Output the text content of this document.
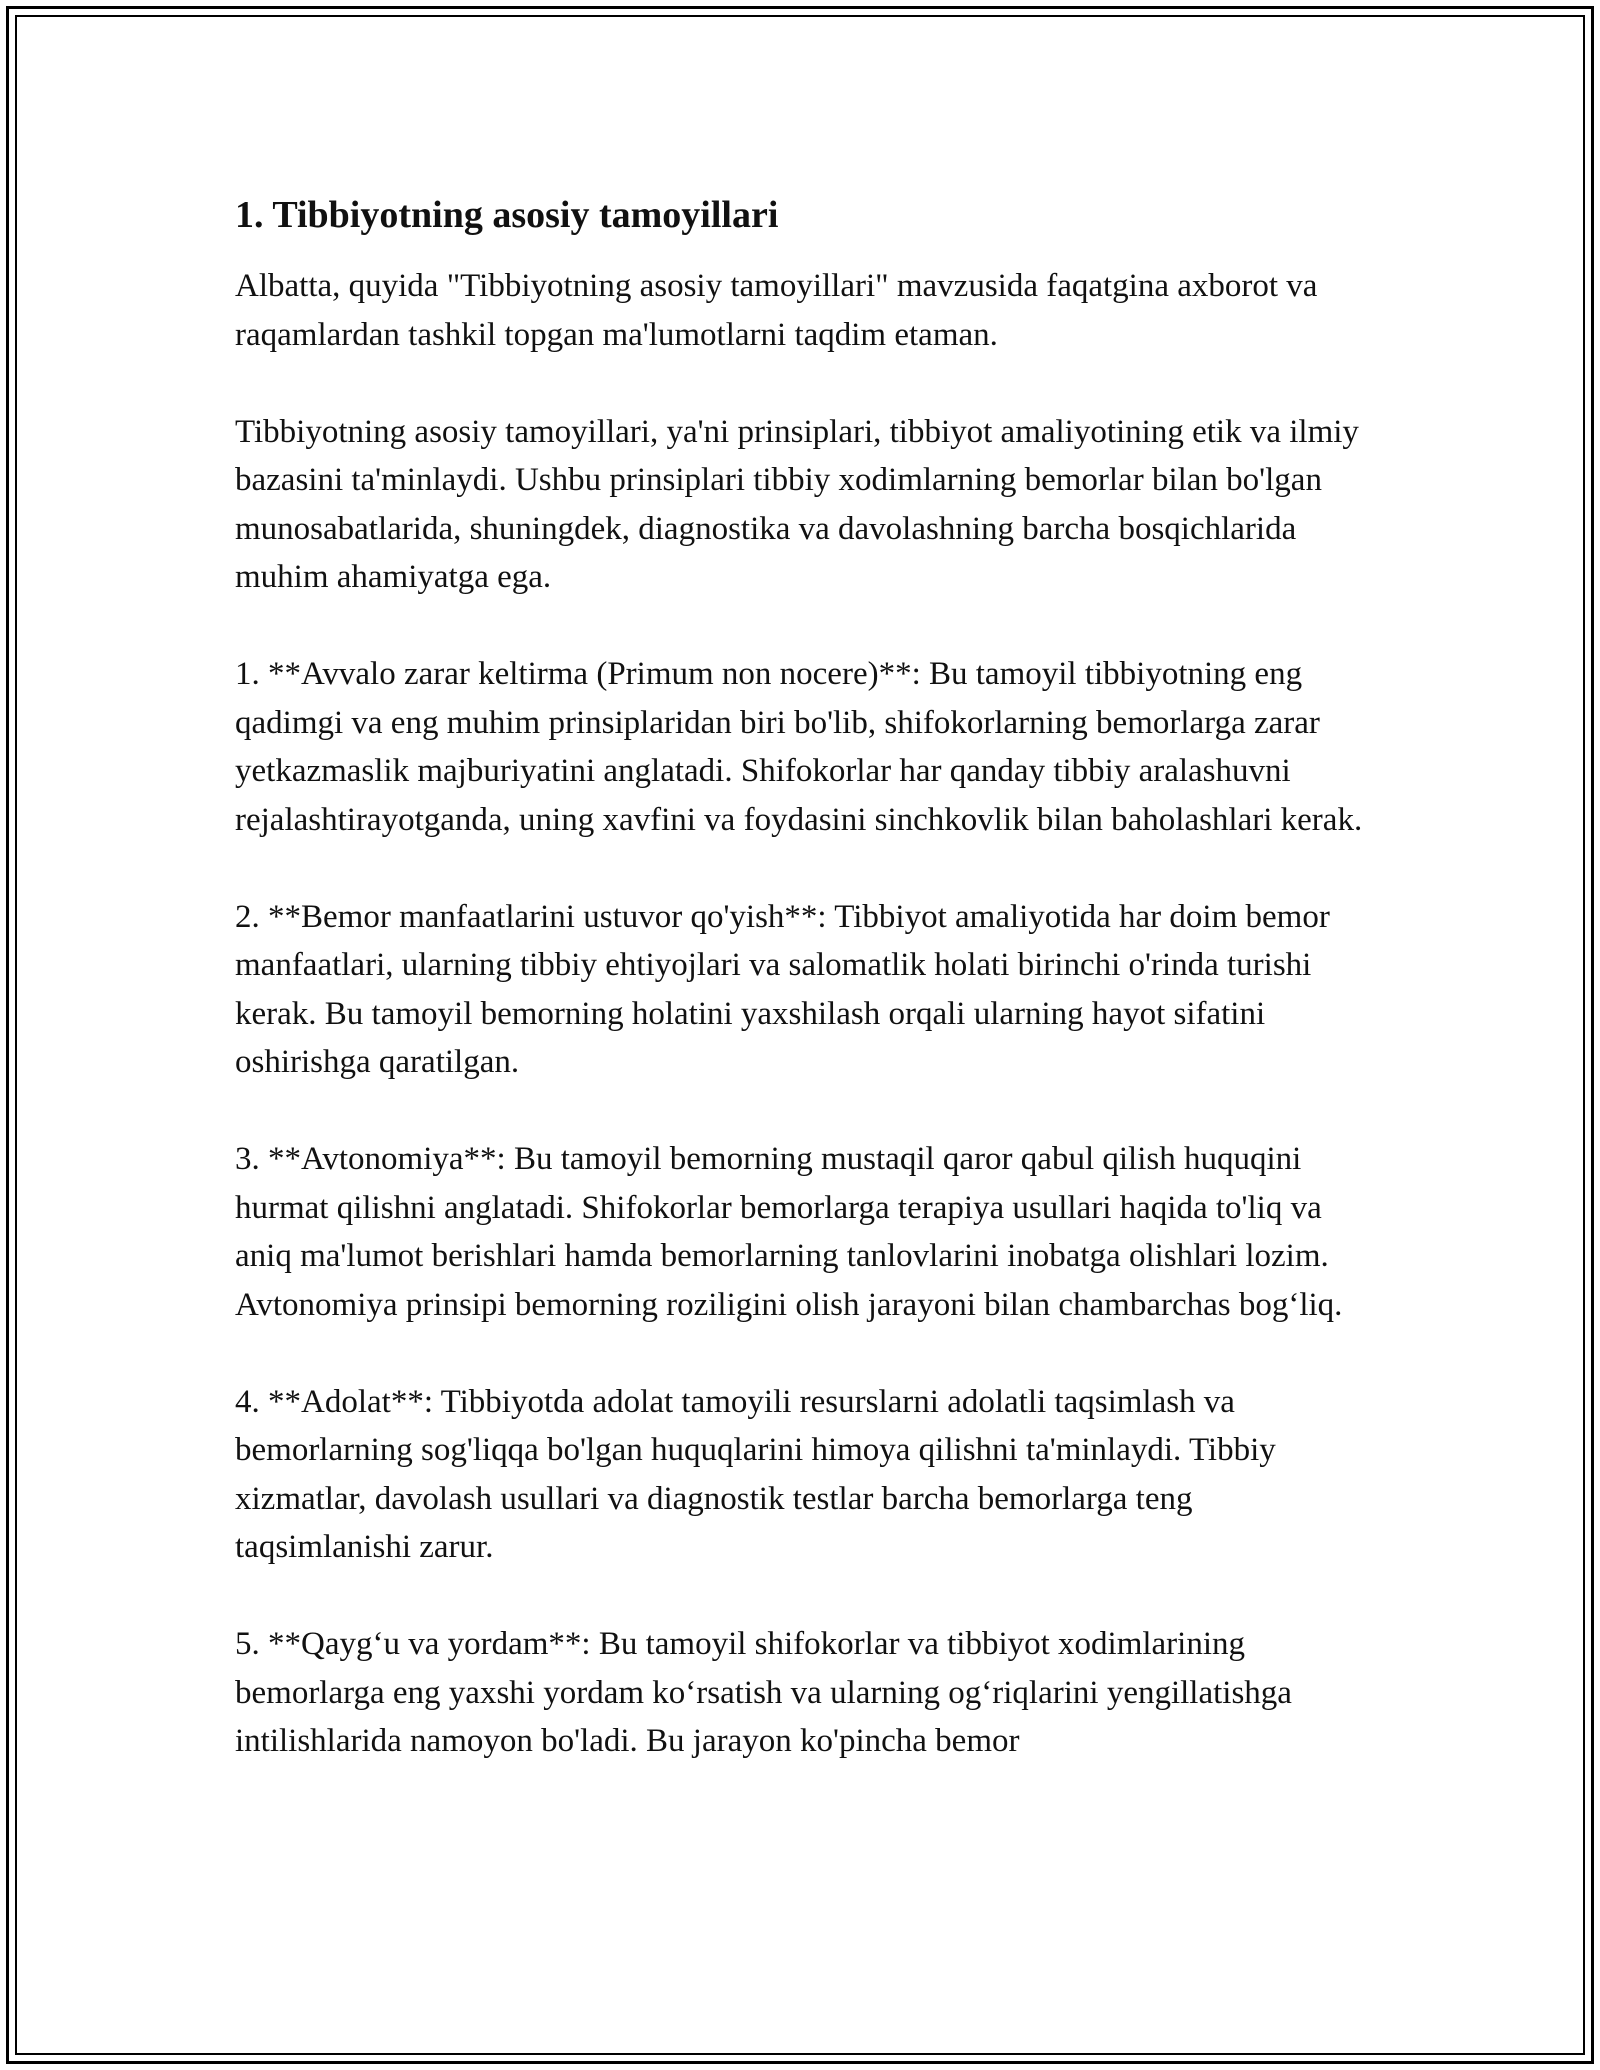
1. Tibbiyotning asosiy tamoyillari

Albatta, quyida "Tibbiyotning asosiy tamoyillari" mavzusida faqatgina axborot va raqamlardan tashkil topgan ma'lumotlarni taqdim etaman.

Tibbiyotning asosiy tamoyillari, ya'ni prinsiplari, tibbiyot amaliyotining etik va ilmiy bazasini ta'minlaydi. Ushbu prinsiplari tibbiy xodimlarning bemorlar bilan bo'lgan munosabatlarida, shuningdek, diagnostika va davolashning barcha bosqichlarida muhim ahamiyatga ega.

1. **Avvalo zarar keltirma (Primum non nocere)**: Bu tamoyil tibbiyotning eng qadimgi va eng muhim prinsiplaridan biri bo'lib, shifokorlarning bemorlarga zarar yetkazmaslik majburiyatini anglatadi. Shifokorlar har qanday tibbiy aralashuvni rejalashtirayotganda, uning xavfini va foydasini sinchkovlik bilan baholashlari kerak.

2. **Bemor manfaatlarini ustuvor qo'yish**: Tibbiyot amaliyotida har doim bemor manfaatlari, ularning tibbiy ehtiyojlari va salomatlik holati birinchi o'rinda turishi kerak. Bu tamoyil bemorning holatini yaxshilash orqali ularning hayot sifatini oshirishga qaratilgan.

3. **Avtonomiya**: Bu tamoyil bemorning mustaqil qaror qabul qilish huquqini hurmat qilishni anglatadi. Shifokorlar bemorlarga terapiya usullari haqida to'liq va aniq ma'lumot berishlari hamda bemorlarning tanlovlarini inobatga olishlari lozim. Avtonomiya prinsipi bemorning roziligini olish jarayoni bilan chambarchas bog‘liq.

4. **Adolat**: Tibbiyotda adolat tamoyili resurslarni adolatli taqsimlash va bemorlarning sog'liqqa bo'lgan huquqlarini himoya qilishni ta'minlaydi. Tibbiy xizmatlar, davolash usullari va diagnostik testlar barcha bemorlarga teng taqsimlanishi zarur.

5. **Qayg‘u va yordam**: Bu tamoyil shifokorlar va tibbiyot xodimlarining bemorlarga eng yaxshi yordam ko‘rsatish va ularning og‘riqlarini yengillatishga intilishlarida namoyon bo'ladi. Bu jarayon ko'pincha bemor
